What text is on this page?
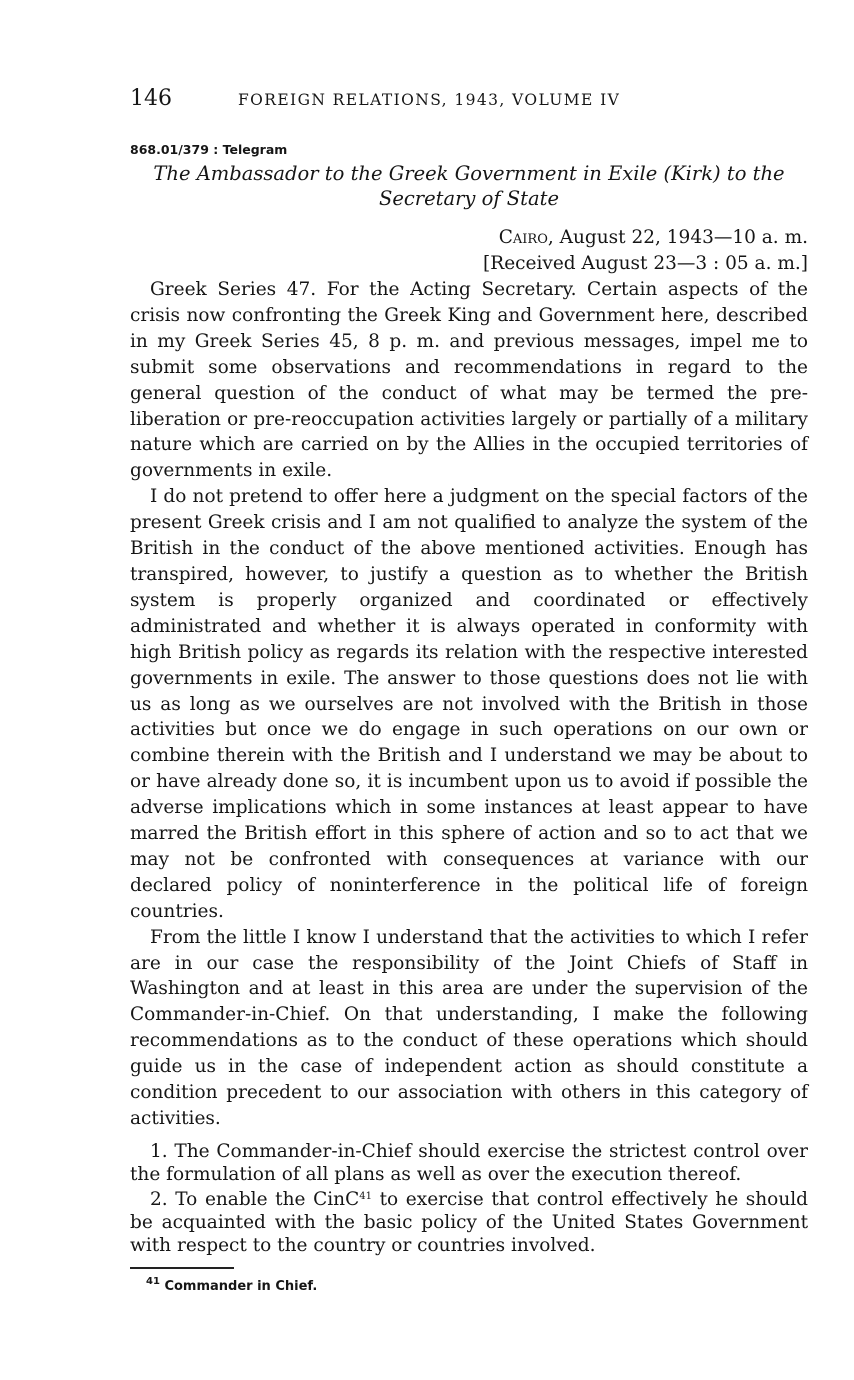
146	FOREIGN RELATIONS, 1943, VOLUME IV
868.01/379 : Telegram
The Ambassador to the Greek Government in Exile (Kirk) to the
Secretary of State
Cairo, August 22, 1943—10 a. m.
[Received August 23—3 : 05 a. m.]

Greek Series 47. For the Acting Secretary. Certain aspects of the crisis now confronting the Greek King and Government here, described in my Greek Series 45, 8 p. m. and previous messages, impel me to submit some observations and recommendations in regard to the general question of the conduct of what may be termed the pre-liberation or pre-reoccupation activities largely or partially of a military nature which are carried on by the Allies in the occupied territories of governments in exile.

I do not pretend to offer here a judgment on the special factors of the present Greek crisis and I am not qualified to analyze the system of the British in the conduct of the above mentioned activities. Enough has transpired, however, to justify a question as to whether the British system is properly organized and coordinated or effectively administrated and whether it is always operated in conformity with high British policy as regards its relation with the respective interested governments in exile. The answer to those questions does not lie with us as long as we ourselves are not involved with the British in those activities but once we do engage in such operations on our own or combine therein with the British and I understand we may be about to or have already done so, it is incumbent upon us to avoid if possible the adverse implications which in some instances at least appear to have marred the British effort in this sphere of action and so to act that we may not be confronted with consequences at variance with our declared policy of noninterference in the political life of foreign countries.

From the little I know I understand that the activities to which I refer are in our case the responsibility of the Joint Chiefs of Staff in Washington and at least in this area are under the supervision of the Commander-in-Chief. On that understanding, I make the following recommendations as to the conduct of these operations which should guide us in the case of independent action as should constitute a condition precedent to our association with others in this category of activities.

1. The Commander-in-Chief should exercise the strictest control over the formulation of all plans as well as over the execution thereof.

2. To enable the CinC$^{41}$ to exercise that control effectively he should be acquainted with the basic policy of the United States Government with respect to the country or countries involved.

$^{41}$ Commander in Chief.
